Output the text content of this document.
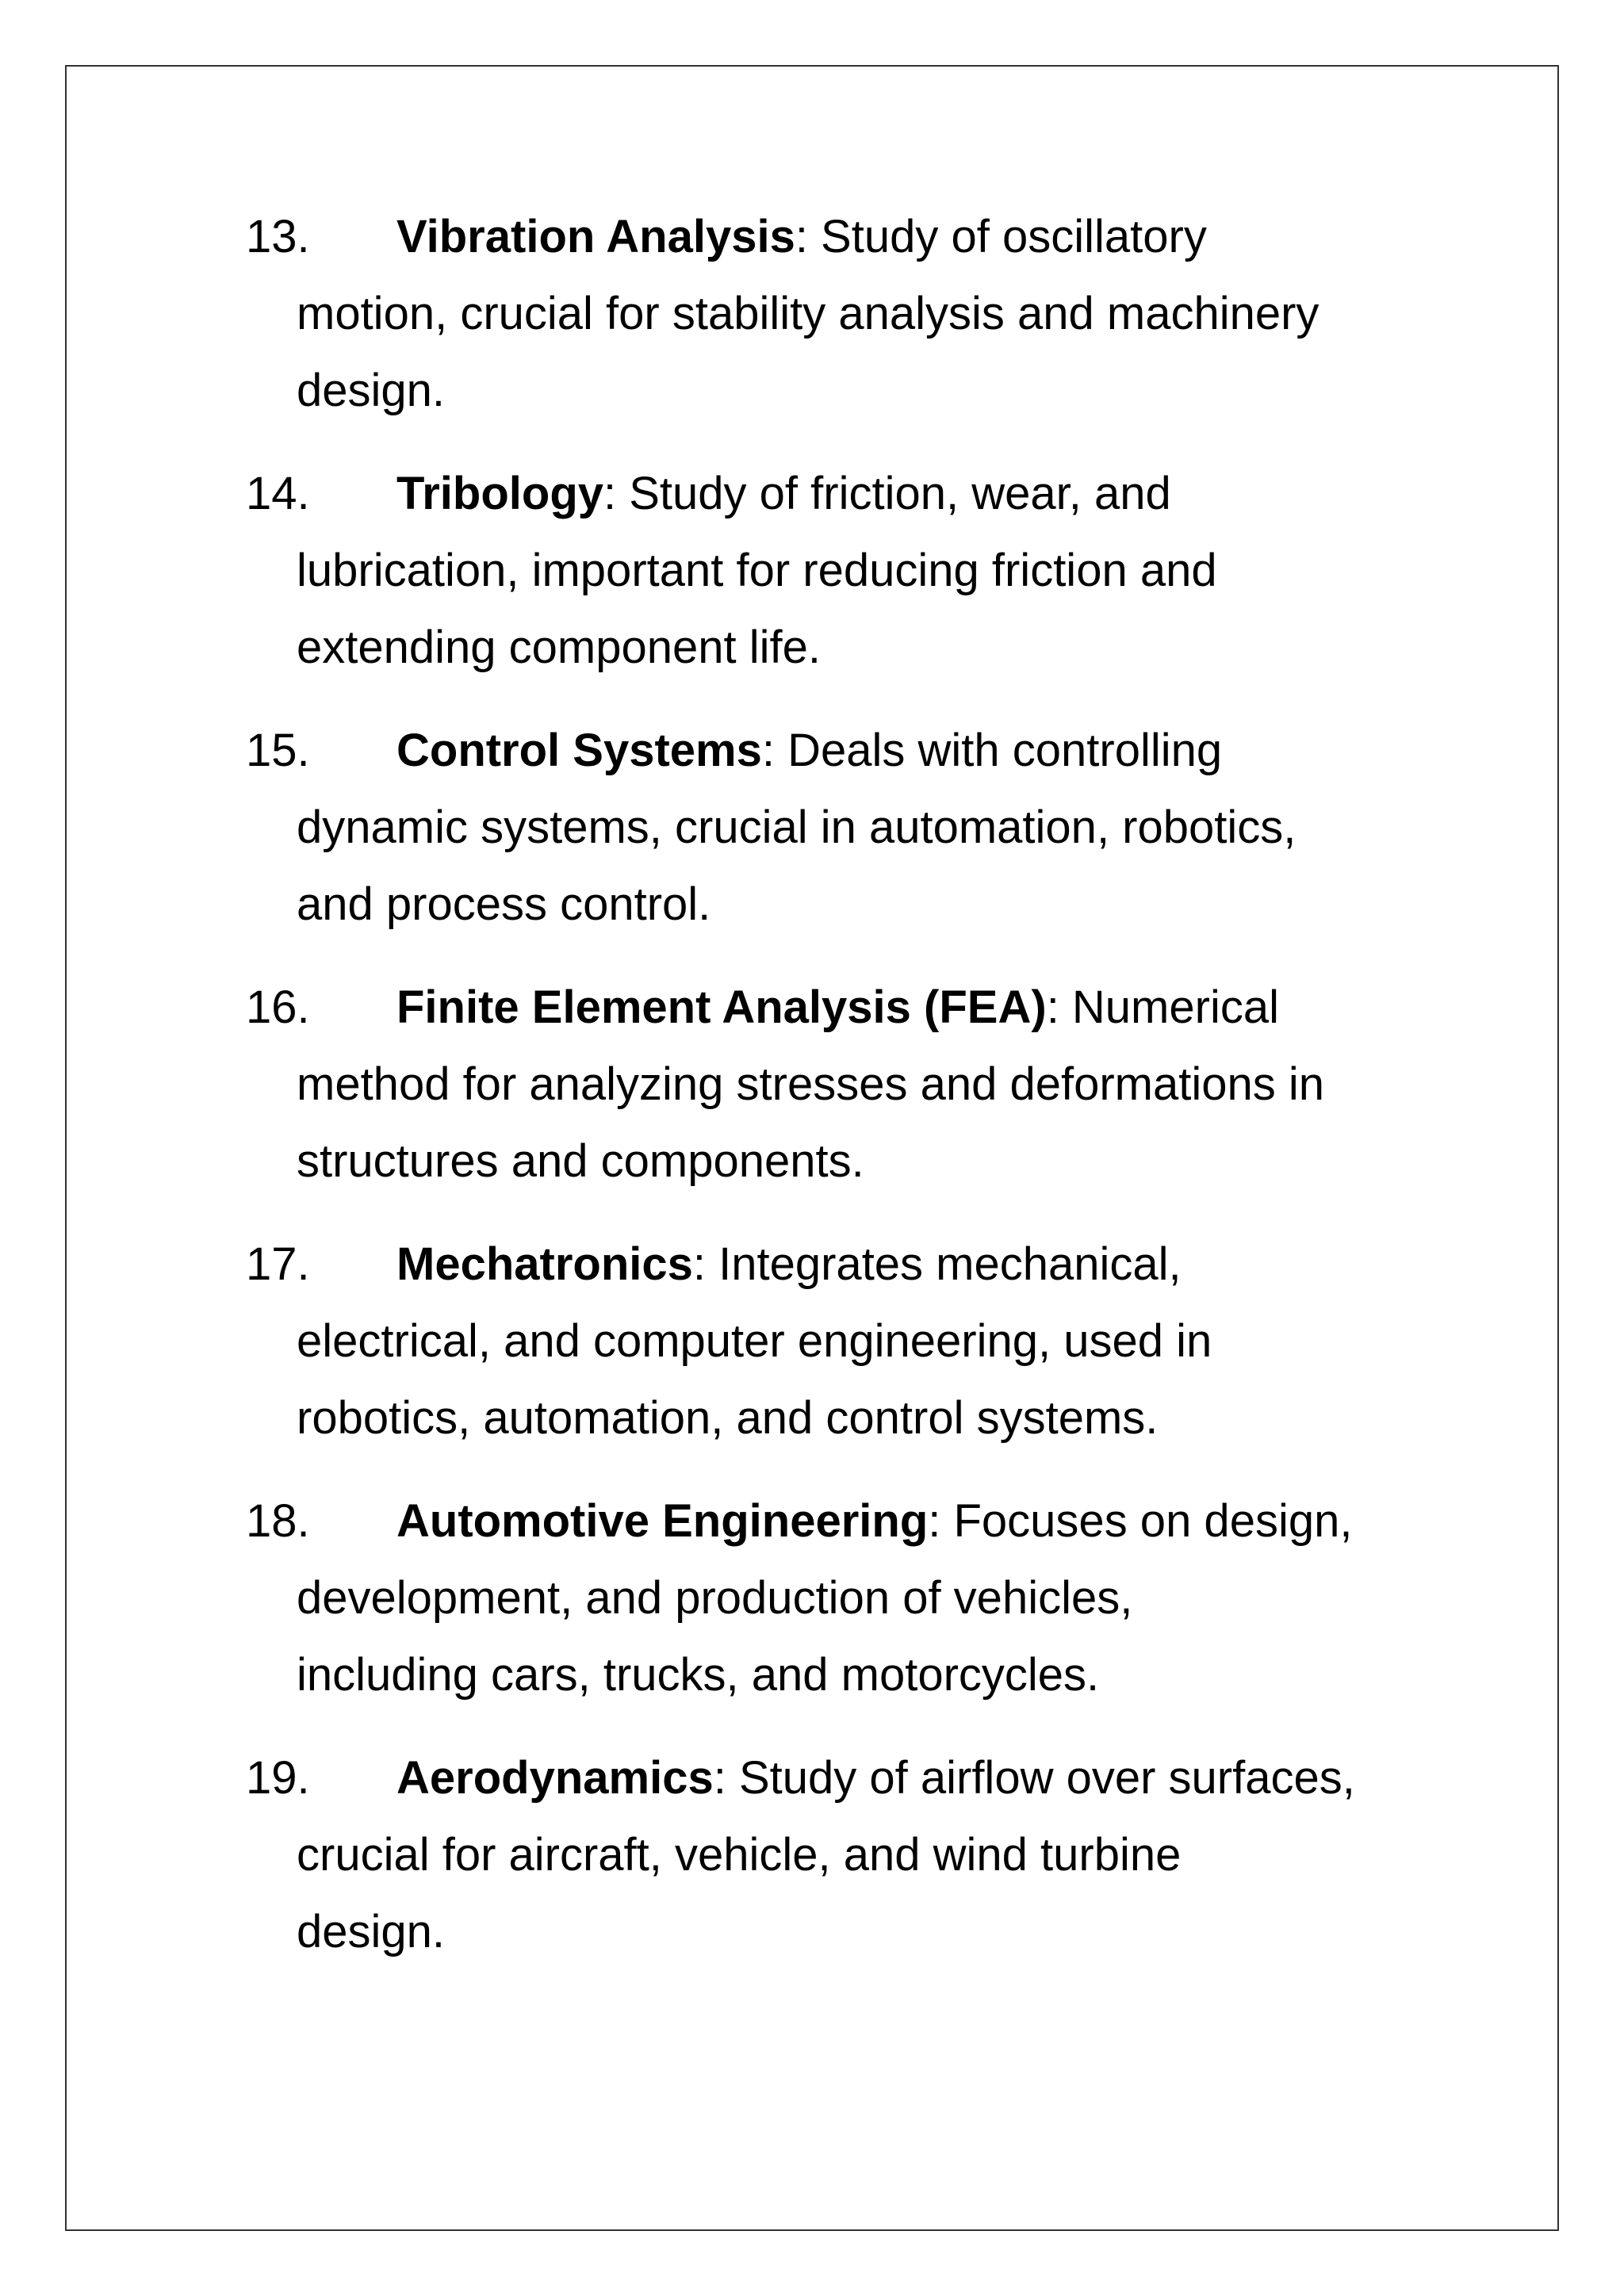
13. Vibration Analysis: Study of oscillatory
motion, crucial for stability analysis and machinery
design.
14. Tribology: Study of friction, wear, and
lubrication, important for reducing friction and
extending component life.
15. Control Systems: Deals with controlling
dynamic systems, crucial in automation, robotics,
and process control.
16. Finite Element Analysis (FEA): Numerical
method for analyzing stresses and deformations in
structures and components.
17. Mechatronics: Integrates mechanical,
electrical, and computer engineering, used in
robotics, automation, and control systems.
18. Automotive Engineering: Focuses on design,
development, and production of vehicles,
including cars, trucks, and motorcycles.
19. Aerodynamics: Study of airflow over surfaces,
crucial for aircraft, vehicle, and wind turbine
design.
